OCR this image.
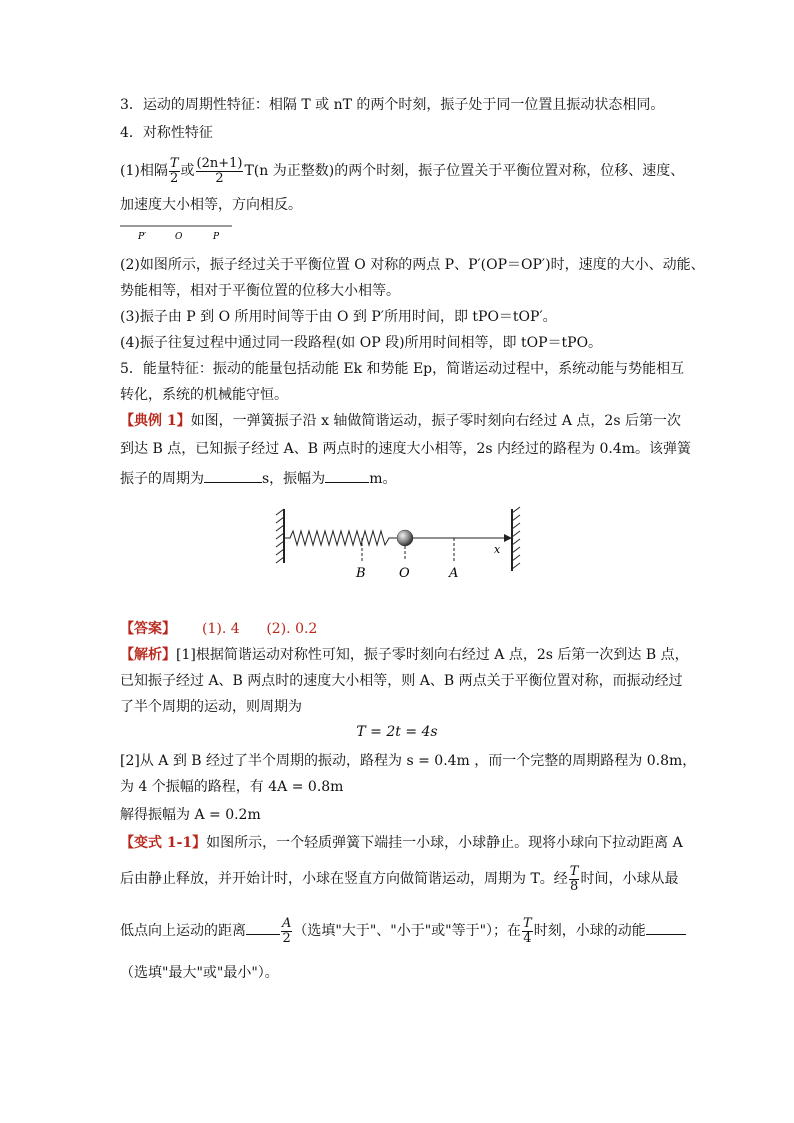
3．运动的周期性特征：相隔 T 或 nT 的两个时刻，振子处于同一位置且振动状态相同。
4．对称性特征
(1)相隔 $\frac{T}{2}$ 或 $\frac{(2n+1)}{2} T(n$ 为正整数)的两个时刻，振子位置关于平衡位置对称，位移、速度、
加速度大小相等，方向相反。
P′	O	P
(2)如图所示，振子经过关于平衡位置 O 对称的两点 P、P′(OP＝OP′)时，速度的大小、动能、
势能相等，相对于平衡位置的位移大小相等。
(3)振子由 P 到 O 所用时间等于由 O 到 P′所用时间，即 tPO＝tOP′。
(4)振子往复过程中通过同一段路程(如 OP 段)所用时间相等，即 tOP＝tPO。
5．能量特征：振动的能量包括动能 Ek 和势能 Ep，简谐运动过程中，系统动能与势能相互
转化，系统的机械能守恒。
【典例 1】如图，一弹簧振子沿 x 轴做简谐运动，振子零时刻向右经过 A 点，2s 后第一次
到达 B 点，已知振子经过 A、B 两点时的速度大小相等，2s 内经过的路程为 0.4m。该弹簧
振子的周期为	s，振幅为	m。
B	O	A
x
【答案】 (1). 4      (2). 0.2
【解析】[1]根据简谐运动对称性可知，振子零时刻向右经过 A 点，2s 后第一次到达 B 点，
已知振子经过 A、B 两点时的速度大小相等，则 A、B 两点关于平衡位置对称，而振动经过
了半个周期的运动，则周期为
T = 2t = 4s
[2]从 A 到 B 经过了半个周期的振动，路程为 s = 0.4m ，而一个完整的周期路程为 0.8m，
为 4 个振幅的路程，有 4A = 0.8m
解得振幅为 A = 0.2m
【变式 1-1】如图所示，一个轻质弹簧下端挂一小球，小球静止。现将小球向下拉动距离 A
后由静止释放，并开始计时，小球在竖直方向做简谐运动，周期为 T。经 $\frac{T}{8}$ 时间，小球从最
低点向上运动的距离	$\frac{A}{2}$ （选填"大于"、"小于"或"等于"）；在 $\frac{T}{4}$ 时刻，小球的动能
（选填"最大"或"最小"）。
